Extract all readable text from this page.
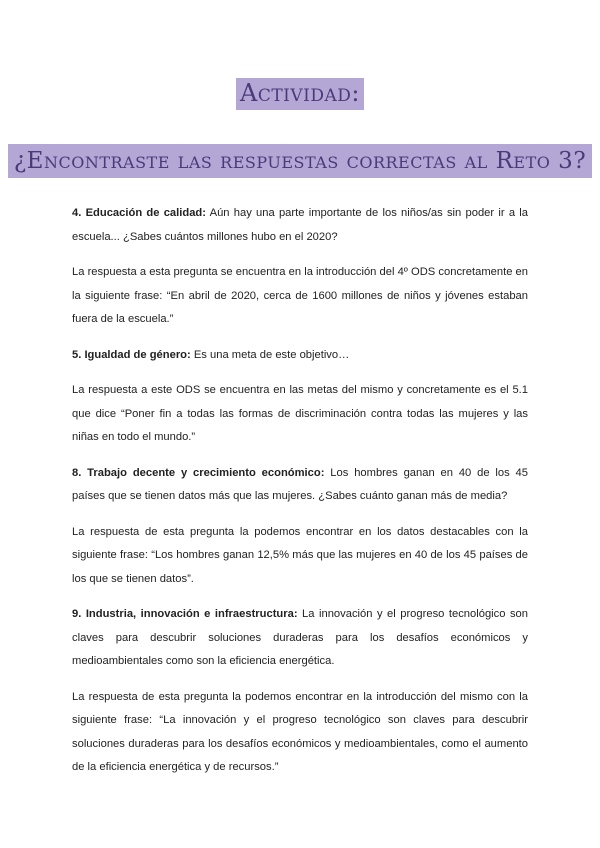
Actividad:
¿Encontraste las respuestas correctas al Reto 3?

4. Educación de calidad: Aún hay una parte importante de los niños/as sin poder ir a la escuela... ¿Sabes cuántos millones hubo en el 2020?

La respuesta a esta pregunta se encuentra en la introducción del 4º ODS concretamente en la siguiente frase: “En abril de 2020, cerca de 1600 millones de niños y jóvenes estaban fuera de la escuela.”

5. Igualdad de género: Es una meta de este objetivo…

La respuesta a este ODS se encuentra en las metas del mismo y concretamente es el 5.1 que dice “Poner fin a todas las formas de discriminación contra todas las mujeres y las niñas en todo el mundo.”

8. Trabajo decente y crecimiento económico: Los hombres ganan en 40 de los 45 países que se tienen datos más que las mujeres. ¿Sabes cuánto ganan más de media?

La respuesta de esta pregunta la podemos encontrar en los datos destacables con la siguiente frase: “Los hombres ganan 12,5% más que las mujeres en 40 de los 45 países de los que se tienen datos”.

9. Industria, innovación e infraestructura: La innovación y el progreso tecnológico son claves para descubrir soluciones duraderas para los desafíos económicos y medioambientales como son la eficiencia energética.

La respuesta de esta pregunta la podemos encontrar en la introducción del mismo con la siguiente frase: “La innovación y el progreso tecnológico son claves para descubrir soluciones duraderas para los desafíos económicos y medioambientales, como el aumento de la eficiencia energética y de recursos.”
